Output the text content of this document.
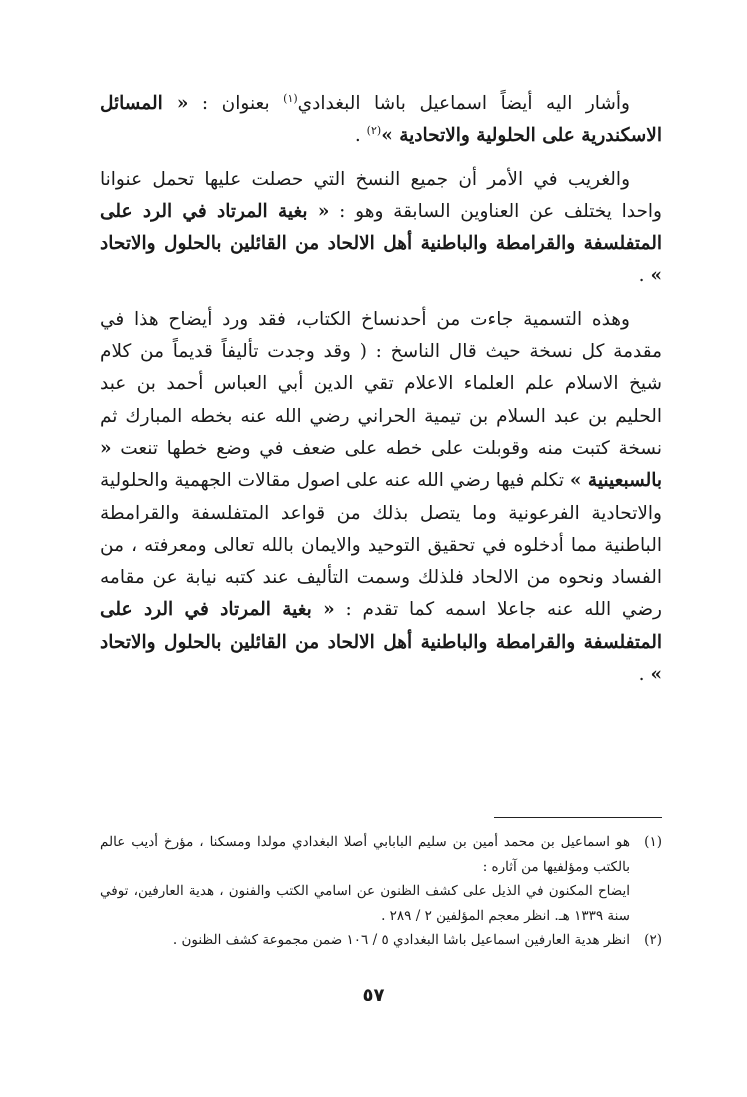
وأشار اليه أيضاً اسماعيل باشا البغدادي$^{(١)}$ بعنوان : « المسائل الاسكندرية على الحلولية والاتحادية »$^{(٢)}$ .

والغريب في الأمر أن جميع النسخ التي حصلت عليها تحمل عنوانا واحدا يختلف عن العناوين السابقة وهو : « بغية المرتاد في الرد على المتفلسفة والقرامطة والباطنية أهل الالحاد من القائلين بالحلول والاتحاد » .

وهذه التسمية جاءت من أحدنساخ الكتاب، فقد ورد أيضاح هذا في مقدمة كل نسخة حيث قال الناسخ : ( وقد وجدت تأليفاً قديماً من كلام شيخ الاسلام علم العلماء الاعلام تقي الدين أبي العباس أحمد بن عبد الحليم بن عبد السلام بن تيمية الحراني رضي الله عنه بخطه المبارك ثم نسخة كتبت منه وقوبلت على خطه على ضعف في وضع خطها تنعت « بالسبعينية » تكلم فيها رضي الله عنه على اصول مقالات الجهمية والحلولية والاتحادية الفرعونية وما يتصل بذلك من قواعد المتفلسفة والقرامطة الباطنية مما أدخلوه في تحقيق التوحيد والايمان بالله تعالى ومعرفته ، من الفساد ونحوه من الالحاد فلذلك وسمت التأليف عند كتبه نيابة عن مقامه رضي الله عنه جاعلا اسمه كما تقدم : « بغية المرتاد في الرد على المتفلسفة والقرامطة والباطنية أهل الالحاد من القائلين بالحلول والاتحاد » .

(١)
هو اسماعيل بن محمد أمين بن سليم البابابي أصلا البغدادي مولدا ومسكنا ، مؤرخ أديب عالم بالكتب ومؤلفيها من آثاره :
ايضاح المكنون في الذيل على كشف الظنون عن اسامي الكتب والفنون ، هدية العارفين، توفي سنة ١٣٣٩ هـ. انظر معجم المؤلفين ٢ / ٢٨٩ .
(٢)
انظر هدية العارفين اسماعيل باشا البغدادي ٥ / ١٠٦ ضمن مجموعة كشف الظنون .
٥٧
